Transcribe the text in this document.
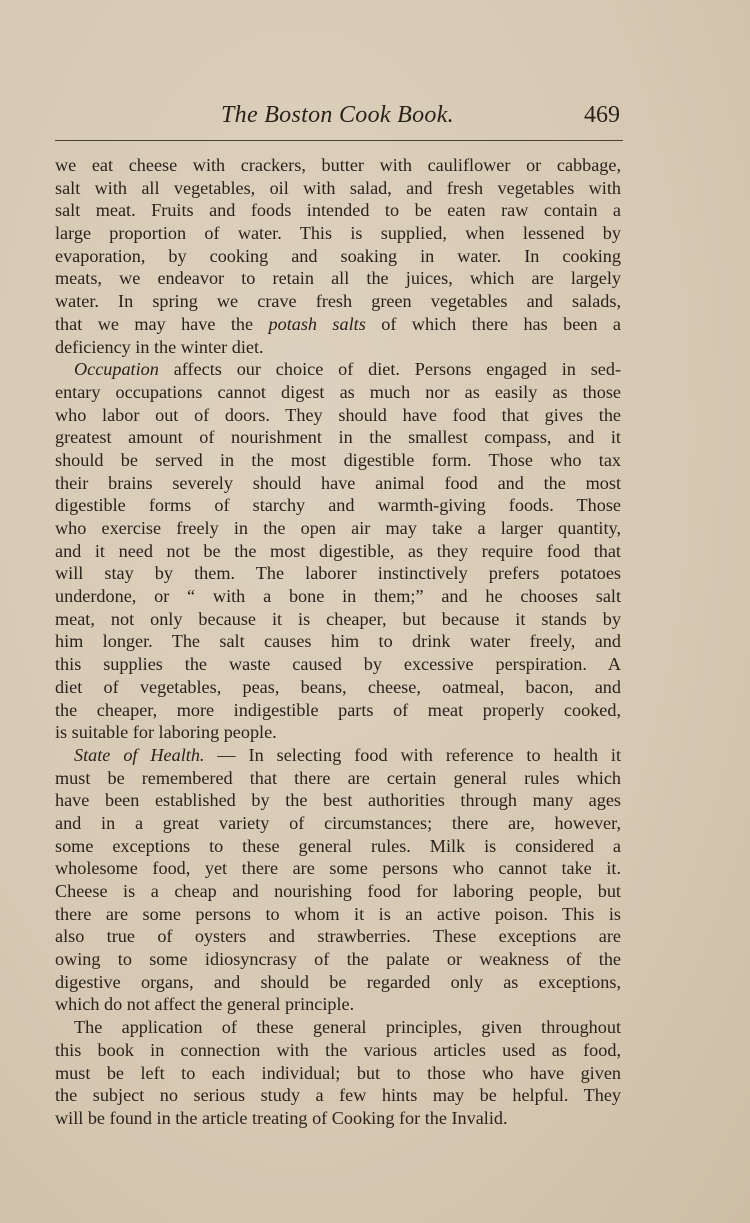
The Boston Cook Book.	469
we eat cheese with crackers, butter with cauliflower or cabbage,
salt with all vegetables, oil with salad, and fresh vegetables with
salt meat. Fruits and foods intended to be eaten raw contain a
large proportion of water. This is supplied, when lessened by
evaporation, by cooking and soaking in water. In cooking
meats, we endeavor to retain all the juices, which are largely
water. In spring we crave fresh green vegetables and salads,
that we may have the potash salts of which there has been a
deficiency in the winter diet.
Occupation affects our choice of diet. Persons engaged in sed-
entary occupations cannot digest as much nor as easily as those
who labor out of doors. They should have food that gives the
greatest amount of nourishment in the smallest compass, and it
should be served in the most digestible form. Those who tax
their brains severely should have animal food and the most
digestible forms of starchy and warmth-giving foods. Those
who exercise freely in the open air may take a larger quantity,
and it need not be the most digestible, as they require food that
will stay by them. The laborer instinctively prefers potatoes
underdone, or “ with a bone in them;” and he chooses salt
meat, not only because it is cheaper, but because it stands by
him longer. The salt causes him to drink water freely, and
this supplies the waste caused by excessive perspiration. A
diet of vegetables, peas, beans, cheese, oatmeal, bacon, and
the cheaper, more indigestible parts of meat properly cooked,
is suitable for laboring people.
State of Health. — In selecting food with reference to health it
must be remembered that there are certain general rules which
have been established by the best authorities through many ages
and in a great variety of circumstances; there are, however,
some exceptions to these general rules. Milk is considered a
wholesome food, yet there are some persons who cannot take it.
Cheese is a cheap and nourishing food for laboring people, but
there are some persons to whom it is an active poison. This is
also true of oysters and strawberries. These exceptions are
owing to some idiosyncrasy of the palate or weakness of the
digestive organs, and should be regarded only as exceptions,
which do not affect the general principle.
The application of these general principles, given throughout
this book in connection with the various articles used as food,
must be left to each individual; but to those who have given
the subject no serious study a few hints may be helpful. They
will be found in the article treating of Cooking for the Invalid.
